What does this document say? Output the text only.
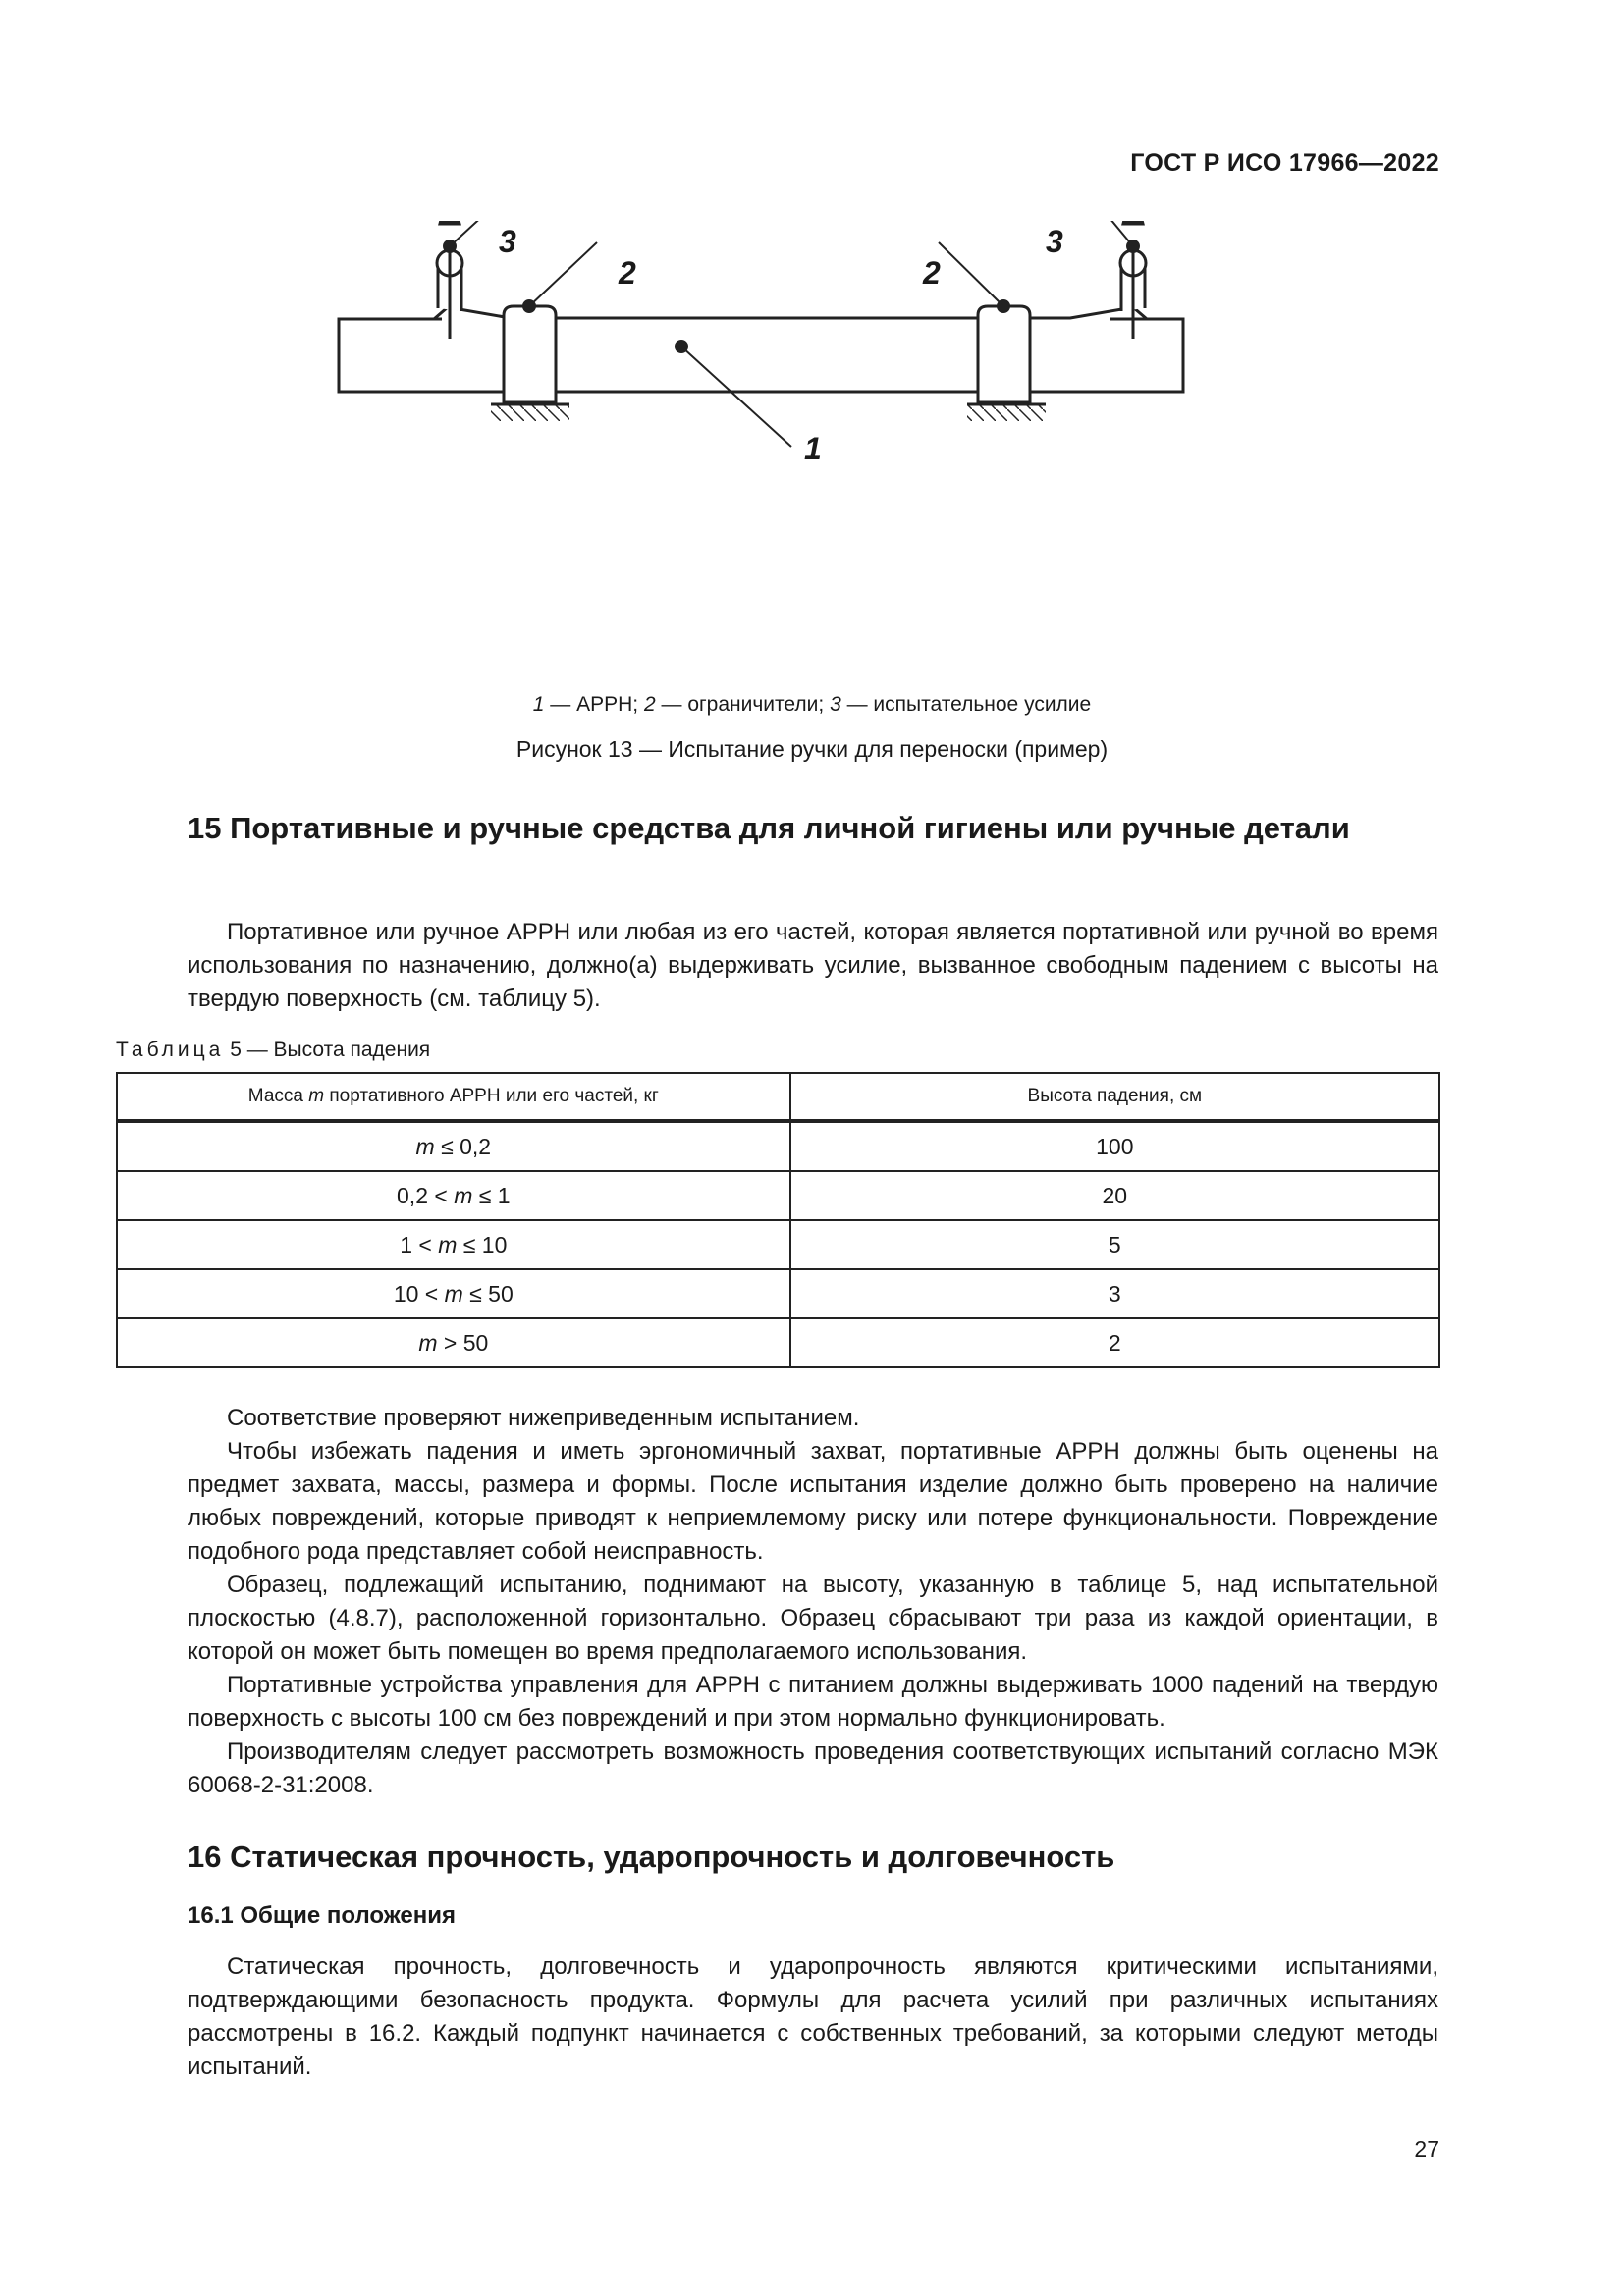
ГОСТ Р ИСО 17966—2022
3	3
2	2
1
1 — АРРН; 2 — ограничители; 3 — испытательное усилие
Рисунок 13 — Испытание ручки для переноски (пример)
15 Портативные и ручные средства для личной гигиены или ручные детали

Портативное или ручное АРРН или любая из его частей, которая является портативной или ручной во время использования по назначению, должно(а) выдерживать усилие, вызванное свободным падением с высоты на твердую поверхность (см. таблицу 5).

Таблица 5 — Высота падения
Масса m портативного АРРН или его частей, кг	Высота падения, см
m ≤ 0,2	100
0,2 < m ≤ 1	20
1 < m ≤ 10	5
10 < m ≤ 50	3
m > 50	2

Соответствие проверяют нижеприведенным испытанием.

Чтобы избежать падения и иметь эргономичный захват, портативные АРРН должны быть оценены на предмет захвата, массы, размера и формы. После испытания изделие должно быть проверено на наличие любых повреждений, которые приводят к неприемлемому риску или потере функциональности. Повреждение подобного рода представляет собой неисправность.

Образец, подлежащий испытанию, поднимают на высоту, указанную в таблице 5, над испытательной плоскостью (4.8.7), расположенной горизонтально. Образец сбрасывают три раза из каждой ориентации, в которой он может быть помещен во время предполагаемого использования.

Портативные устройства управления для АРРН с питанием должны выдерживать 1000 падений на твердую поверхность с высоты 100 см без повреждений и при этом нормально функционировать.

Производителям следует рассмотреть возможность проведения соответствующих испытаний согласно МЭК 60068-2-31:2008.

16 Статическая прочность, ударопрочность и долговечность
16.1 Общие положения

Статическая прочность, долговечность и ударопрочность являются критическими испытаниями, подтверждающими безопасность продукта. Формулы для расчета усилий при различных испытаниях рассмотрены в 16.2. Каждый подпункт начинается с собственных требований, за которыми следуют методы испытаний.

27
